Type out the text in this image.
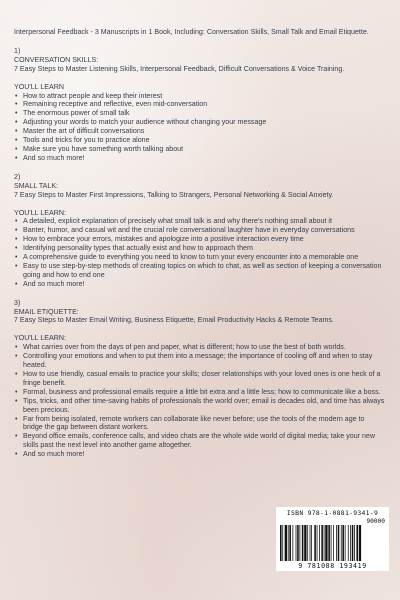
Interpersonal Feedback - 3 Manuscripts in 1 Book, Including: Conversation Skills, Small Talk and Email Etiquette.

1)

CONVERSATION SKILLS:

7 Easy Steps to Master Listening Skills, Interpersonal Feedback, Difficult Conversations & Voice Training.

YOU'LL LEARN

• How to attract people and keep their interest
• Remaining receptive and reflective, even mid-conversation
• The enormous power of small talk
• Adjusting your words to match your audience without changing your message
• Master the art of difficult conversations
• Tools and tricks for you to practice alone
• Make sure you have something worth talking about
• And so much more!

2)

SMALL TALK:

7 Easy Steps to Master First Impressions, Talking to Strangers, Personal Networking & Social Anxiety.

YOU'LL LEARN:

• A detailed, explicit explanation of precisely what small talk is and why there's nothing small about it
• Banter, humor, and casual wit and the crucial role conversational laughter have in everyday conversations
• How to embrace your errors, mistakes and apologize into a positive interaction every time
• Identifying personality types that actually exist and how to approach them
• A comprehensive guide to everything you need to know to turn your every encounter into a memorable one
• Easy to use step-by-step methods of creating topics on which to chat, as well as section of keeping a conversation going and how to end one
• And so much more!

3)

EMAIL ETIQUETTE:

7 Easy Steps to Master Email Writing, Business Etiquette, Email Productivity Hacks & Remote Teams.

YOU'LL LEARN:

• What carries over from the days of pen and paper, what is different; how to use the best of both worlds.
• Controlling your emotions and when to put them into a message; the importance of cooling off and when to stay heated.
• How to use friendly, casual emails to practice your skills; closer relationships with your loved ones is one heck of a fringe benefit.
• Formal, business and professional emails require a little bit extra and a little less; how to communicate like a boss.
• Tips, tricks, and other time-saving habits of professionals the world over; email is decades old, and time has always been precious.
• Far from being isolated, remote workers can collaborate like never before; use the tools of the modern age to bridge the gap between distant workers.
• Beyond office emails, conference calls, and video chats are the whole wide world of digital media; take your new skills past the next level into another game altogether.
• And so much more!
ISBN 978-1-0881-9341-9
90000
9 781088 193419
